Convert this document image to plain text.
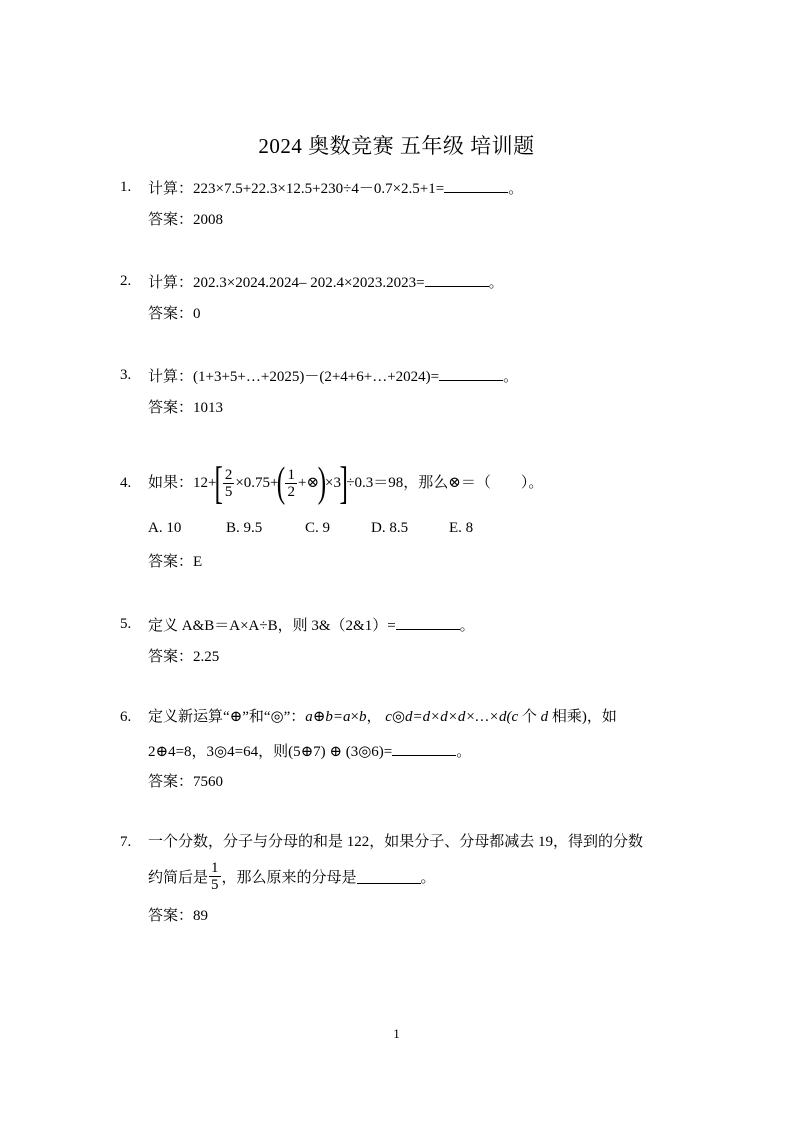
2024 奥数竞赛 五年级 培训题
1.	计算：223×7.5+22.3×12.5+230÷4－0.7×2.5+1=	。
答案：2008
2.	计算：202.3×2024.2024– 202.4×2023.2023=	。
答案：0
3.	计算：(1+3+5+…+2025)－(2+4+6+…+2024)=	。
答案：1013
4.	如果： 12+
[ $\frac{2}{5} \times 0.75+$
( $\frac{1}{2}$ +⊗
)
×3
]
÷0.3＝98 ，那么⊗＝（　　）。
A. 10	B. 9.5	C. 9	D. 8.5	E. 8
答案：E
5.	定义 A&B＝A×A÷B，则 3&（2&1）=	。
答案：2.25
6.	定义新运算“⊕”和“◎”：a⊕b=a×b， c◎d=d×d×d×…×d(c 个 d 相乘)，如
2⊕4=8，3◎4=64，则(5⊕7) ⊕ (3◎6)=	。
答案：7560
7.	一个分数，分子与分母的和是 122，如果分子、分母都减去 19，得到的分数
约简后是 $\frac{1}{5}$ ，那么原来的分母是	。
答案：89
1
